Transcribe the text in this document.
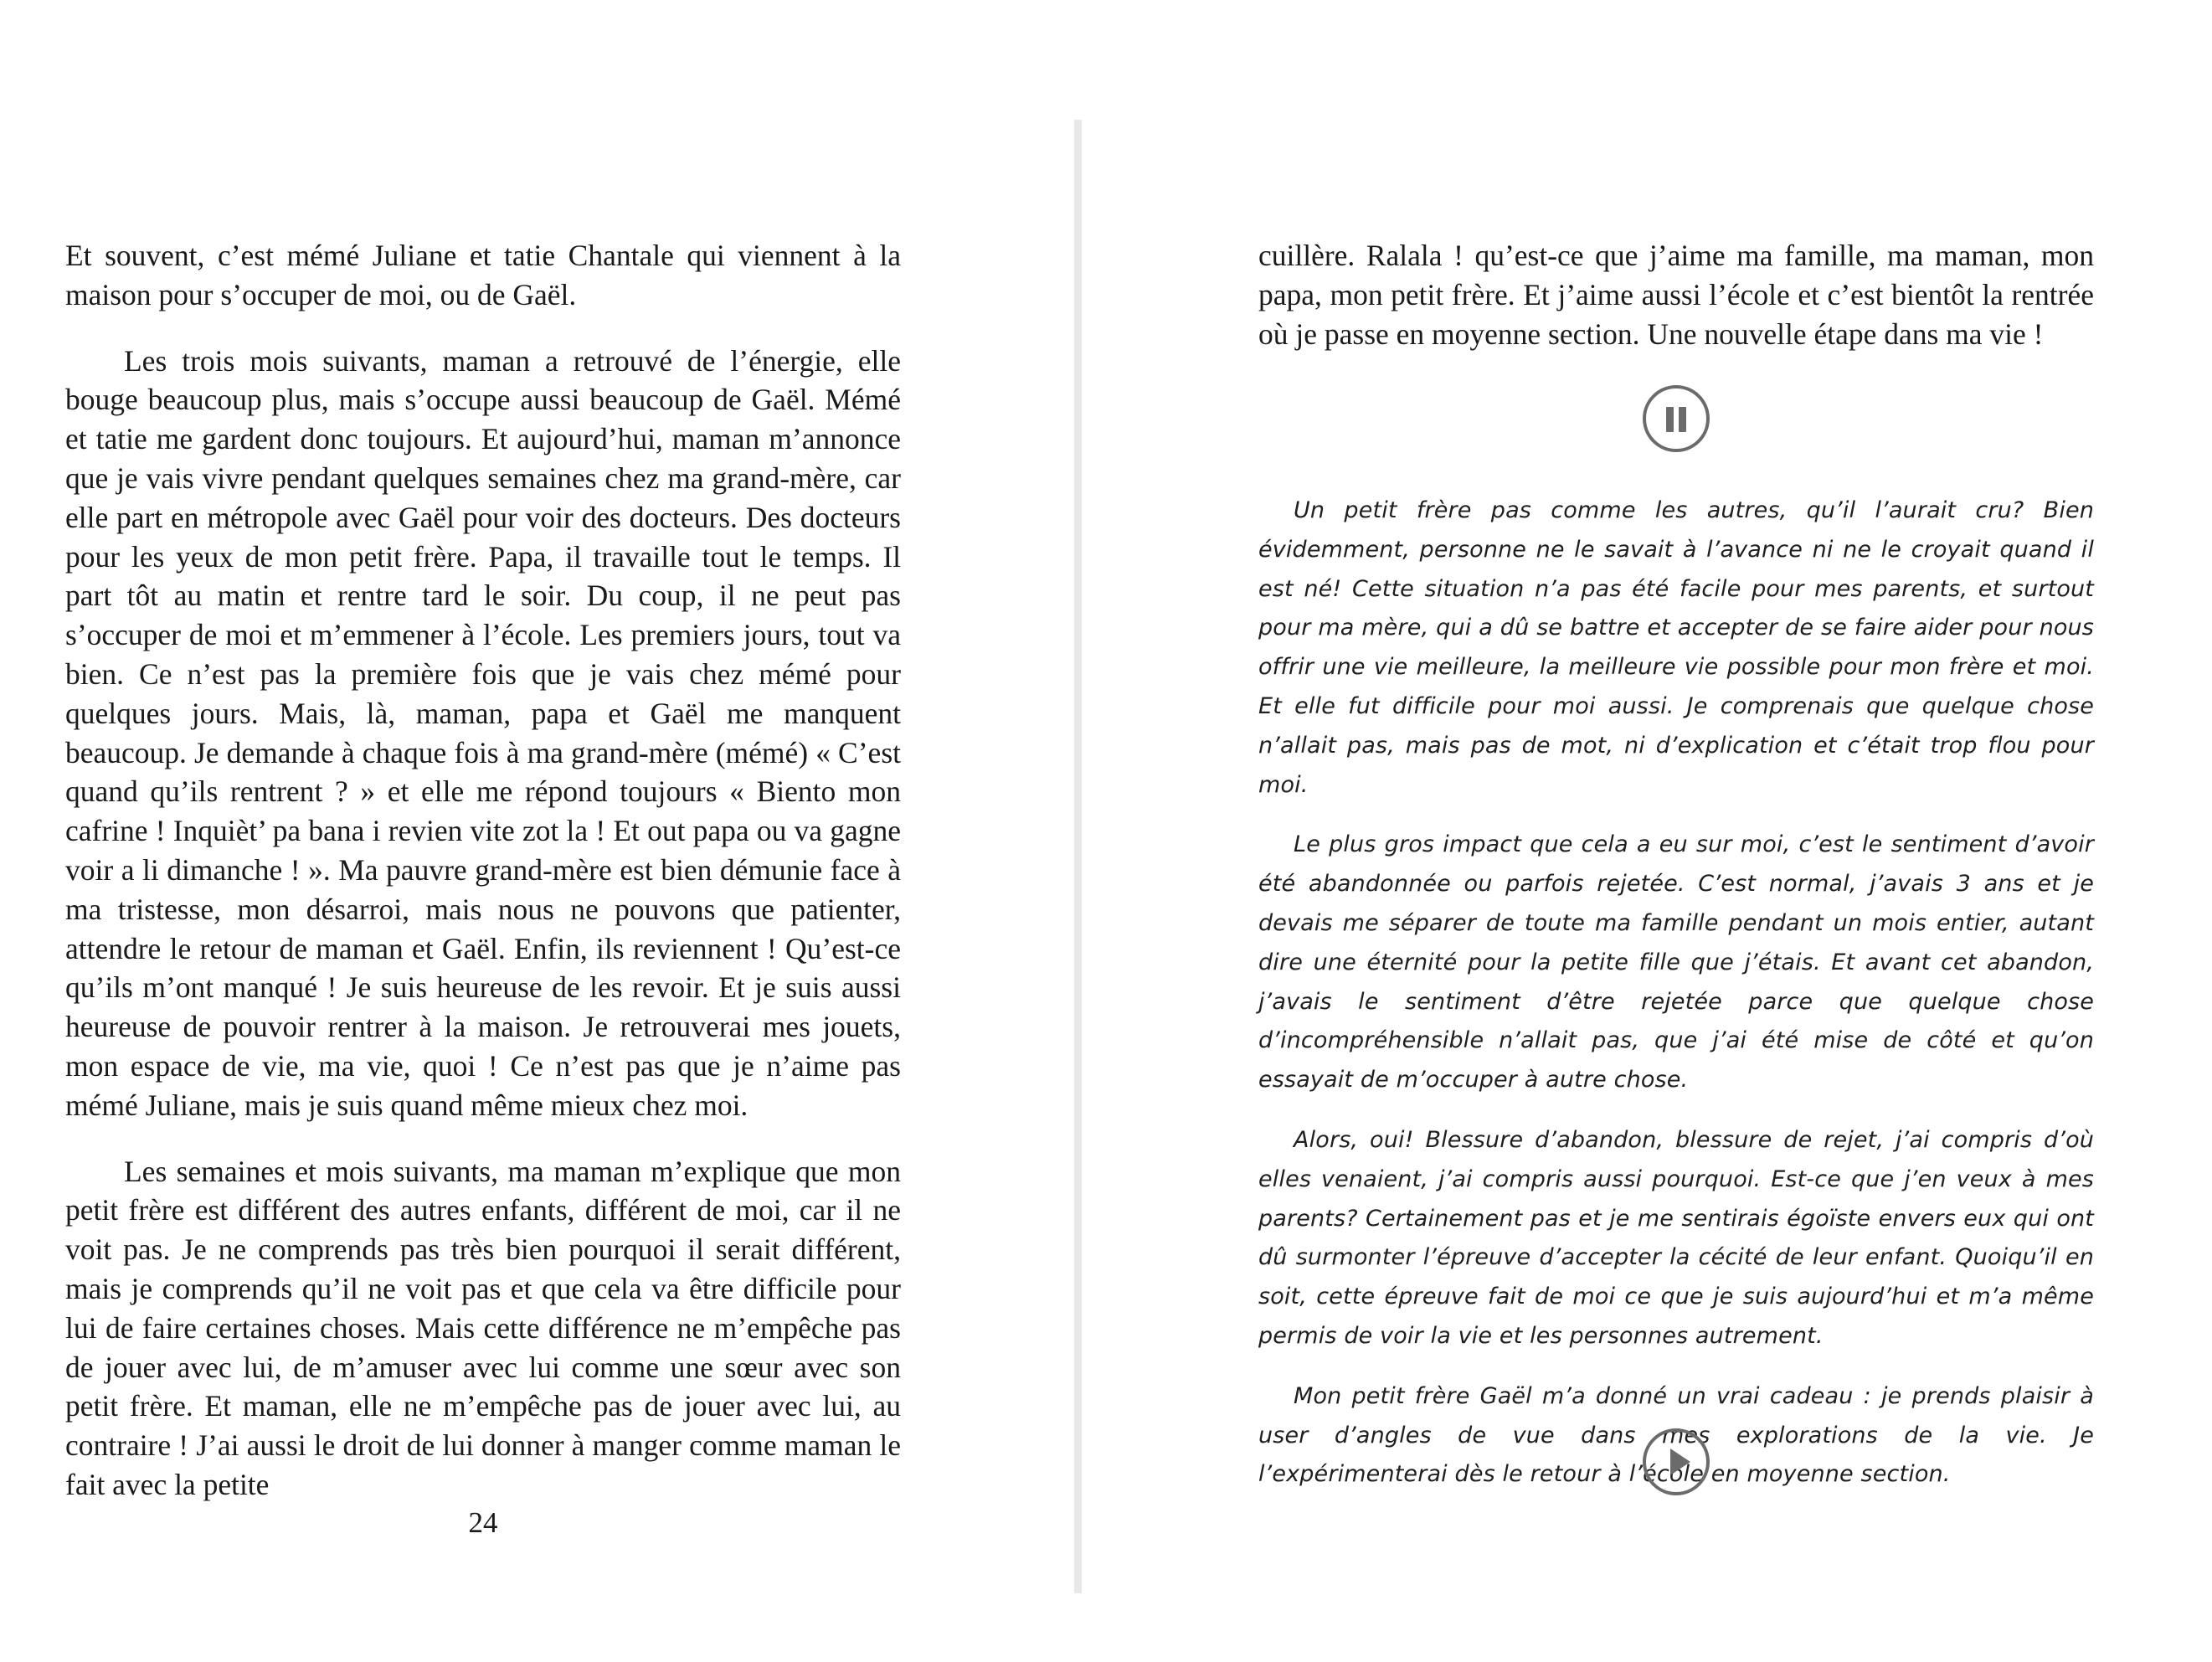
Et souvent, c’est mémé Juliane et tatie Chantale qui viennent à la maison pour s’occuper de moi, ou de Gaël.

Les trois mois suivants, maman a retrouvé de l’énergie, elle bouge beaucoup plus, mais s’occupe aussi beaucoup de Gaël. Mémé et tatie me gardent donc toujours. Et aujourd’hui, maman m’annonce que je vais vivre pendant quelques semaines chez ma grand-mère, car elle part en métropole avec Gaël pour voir des docteurs. Des docteurs pour les yeux de mon petit frère. Papa, il travaille tout le temps. Il part tôt au matin et rentre tard le soir. Du coup, il ne peut pas s’occuper de moi et m’emmener à l’école. Les premiers jours, tout va bien. Ce n’est pas la première fois que je vais chez mémé pour quelques jours. Mais, là, maman, papa et Gaël me manquent beaucoup. Je demande à chaque fois à ma grand-mère (mémé) « C’est quand qu’ils rentrent ? » et elle me répond toujours « Biento mon cafrine ! Inquièt’ pa bana i revien vite zot la ! Et out papa ou va gagne voir a li dimanche ! ». Ma pauvre grand-mère est bien démunie face à ma tristesse, mon désarroi, mais nous ne pouvons que patienter, attendre le retour de maman et Gaël. Enfin, ils reviennent ! Qu’est-ce qu’ils m’ont manqué ! Je suis heureuse de les revoir. Et je suis aussi heureuse de pouvoir rentrer à la maison. Je retrouverai mes jouets, mon espace de vie, ma vie, quoi ! Ce n’est pas que je n’aime pas mémé Juliane, mais je suis quand même mieux chez moi.

Les semaines et mois suivants, ma maman m’explique que mon petit frère est différent des autres enfants, différent de moi, car il ne voit pas. Je ne comprends pas très bien pourquoi il serait différent, mais je comprends qu’il ne voit pas et que cela va être difficile pour lui de faire certaines choses. Mais cette différence ne m’empêche pas de jouer avec lui, de m’amuser avec lui comme une sœur avec son petit frère. Et maman, elle ne m’empêche pas de jouer avec lui, au contraire ! J’ai aussi le droit de lui donner à manger comme maman le fait avec la petite

24

cuillère. Ralala ! qu’est-ce que j’aime ma famille, ma maman, mon papa, mon petit frère. Et j’aime aussi l’école et c’est bientôt la rentrée où je passe en moyenne section. Une nouvelle étape dans ma vie !

Un petit frère pas comme les autres, qu’il l’aurait cru? Bien évidemment, personne ne le savait à l’avance ni ne le croyait quand il est né! Cette situation n’a pas été facile pour mes parents, et surtout pour ma mère, qui a dû se battre et accepter de se faire aider pour nous offrir une vie meilleure, la meilleure vie possible pour mon frère et moi. Et elle fut difficile pour moi aussi. Je comprenais que quelque chose n’allait pas, mais pas de mot, ni d’explication et c’était trop flou pour moi.

Le plus gros impact que cela a eu sur moi, c’est le sentiment d’avoir été abandonnée ou parfois rejetée. C’est normal, j’avais 3 ans et je devais me séparer de toute ma famille pendant un mois entier, autant dire une éternité pour la petite fille que j’étais. Et avant cet abandon, j’avais le sentiment d’être rejetée parce que quelque chose d’incompréhensible n’allait pas, que j’ai été mise de côté et qu’on essayait de m’occuper à autre chose.

Alors, oui! Blessure d’abandon, blessure de rejet, j’ai compris d’où elles venaient, j’ai compris aussi pourquoi. Est-ce que j’en veux à mes parents? Certainement pas et je me sentirais égoïste envers eux qui ont dû surmonter l’épreuve d’accepter la cécité de leur enfant. Quoiqu’il en soit, cette épreuve fait de moi ce que je suis aujourd’hui et m’a même permis de voir la vie et les personnes autrement.

Mon petit frère Gaël m’a donné un vrai cadeau : je prends plaisir à user d’angles de vue dans mes explorations de la vie. Je l’expérimenterai dès le retour à l’école en moyenne section.
